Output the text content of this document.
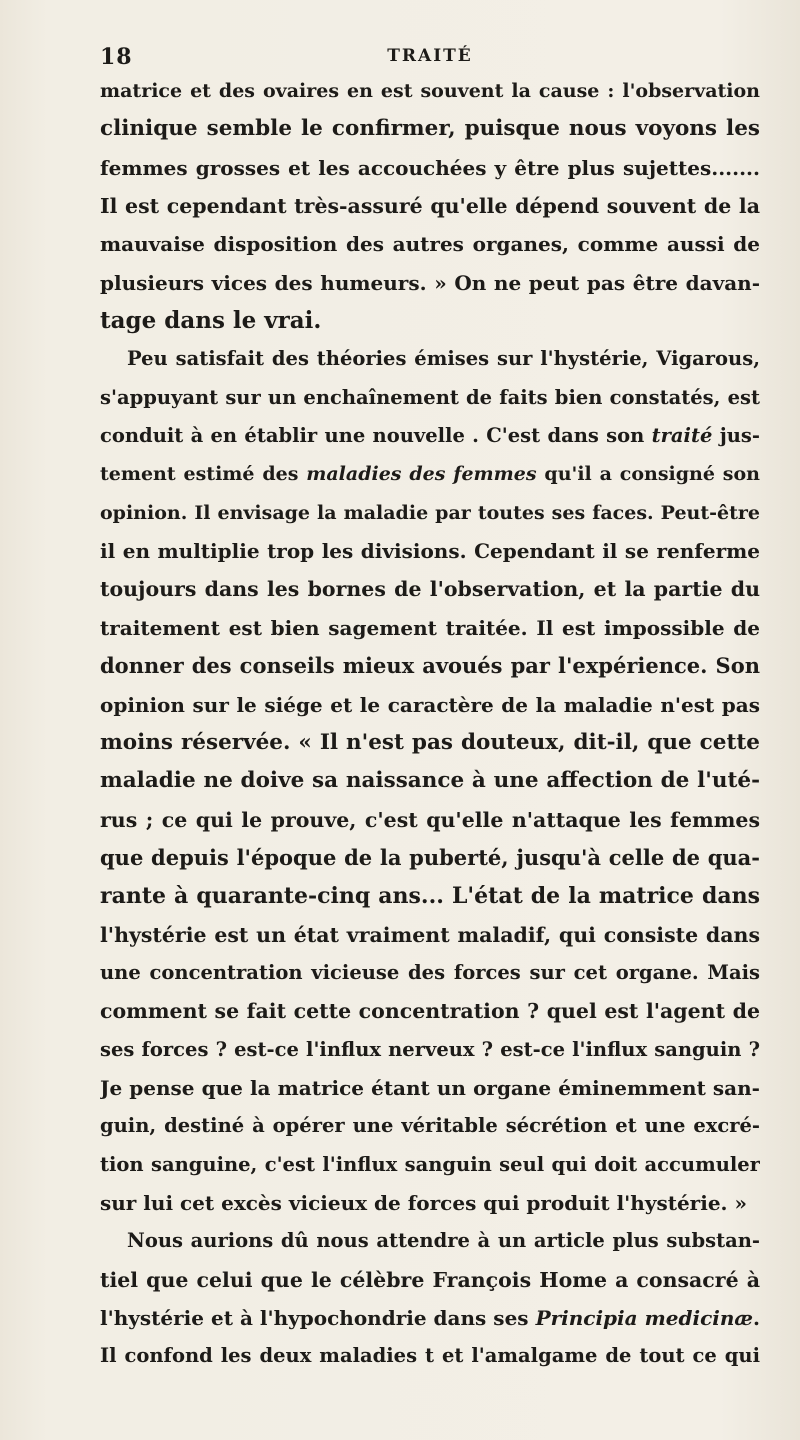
18	TRAITÉ
matrice et des ovaires en est souvent la cause : l'observation
clinique semble le confirmer, puisque nous voyons les
femmes grosses et les accouchées y être plus sujettes.......
Il est cependant très-assuré qu'elle dépend souvent de la
mauvaise disposition des autres organes, comme aussi de
plusieurs vices des humeurs. » On ne peut pas être davan-
tage dans le vrai.
Peu satisfait des théories émises sur l'hystérie, Vigarous,
s'appuyant sur un enchaînement de faits bien constatés, est
conduit à en établir une nouvelle . C'est dans son traité jus-
tement estimé des maladies des femmes qu'il a consigné son
opinion. Il envisage la maladie par toutes ses faces. Peut-être
il en multiplie trop les divisions. Cependant il se renferme
toujours dans les bornes de l'observation, et la partie du
traitement est bien sagement traitée. Il est impossible de
donner des conseils mieux avoués par l'expérience. Son
opinion sur le siége et le caractère de la maladie n'est pas
moins réservée. « Il n'est pas douteux, dit-il, que cette
maladie ne doive sa naissance à une affection de l'uté-
rus ; ce qui le prouve, c'est qu'elle n'attaque les femmes
que depuis l'époque de la puberté, jusqu'à celle de qua-
rante à quarante-cinq ans... L'état de la matrice dans
l'hystérie est un état vraiment maladif, qui consiste dans
une concentration vicieuse des forces sur cet organe. Mais
comment se fait cette concentration ? quel est l'agent de
ses forces ? est-ce l'influx nerveux ? est-ce l'influx sanguin ?
Je pense que la matrice étant un organe éminemment san-
guin, destiné à opérer une véritable sécrétion et une excré-
tion sanguine, c'est l'influx sanguin seul qui doit accumuler
sur lui cet excès vicieux de forces qui produit l'hystérie. »
Nous aurions dû nous attendre à un article plus substan-
tiel que celui que le célèbre François Home a consacré à
l'hystérie et à l'hypochondrie dans ses Principia medicinæ.
Il confond les deux maladies t et l'amalgame de tout ce qui
